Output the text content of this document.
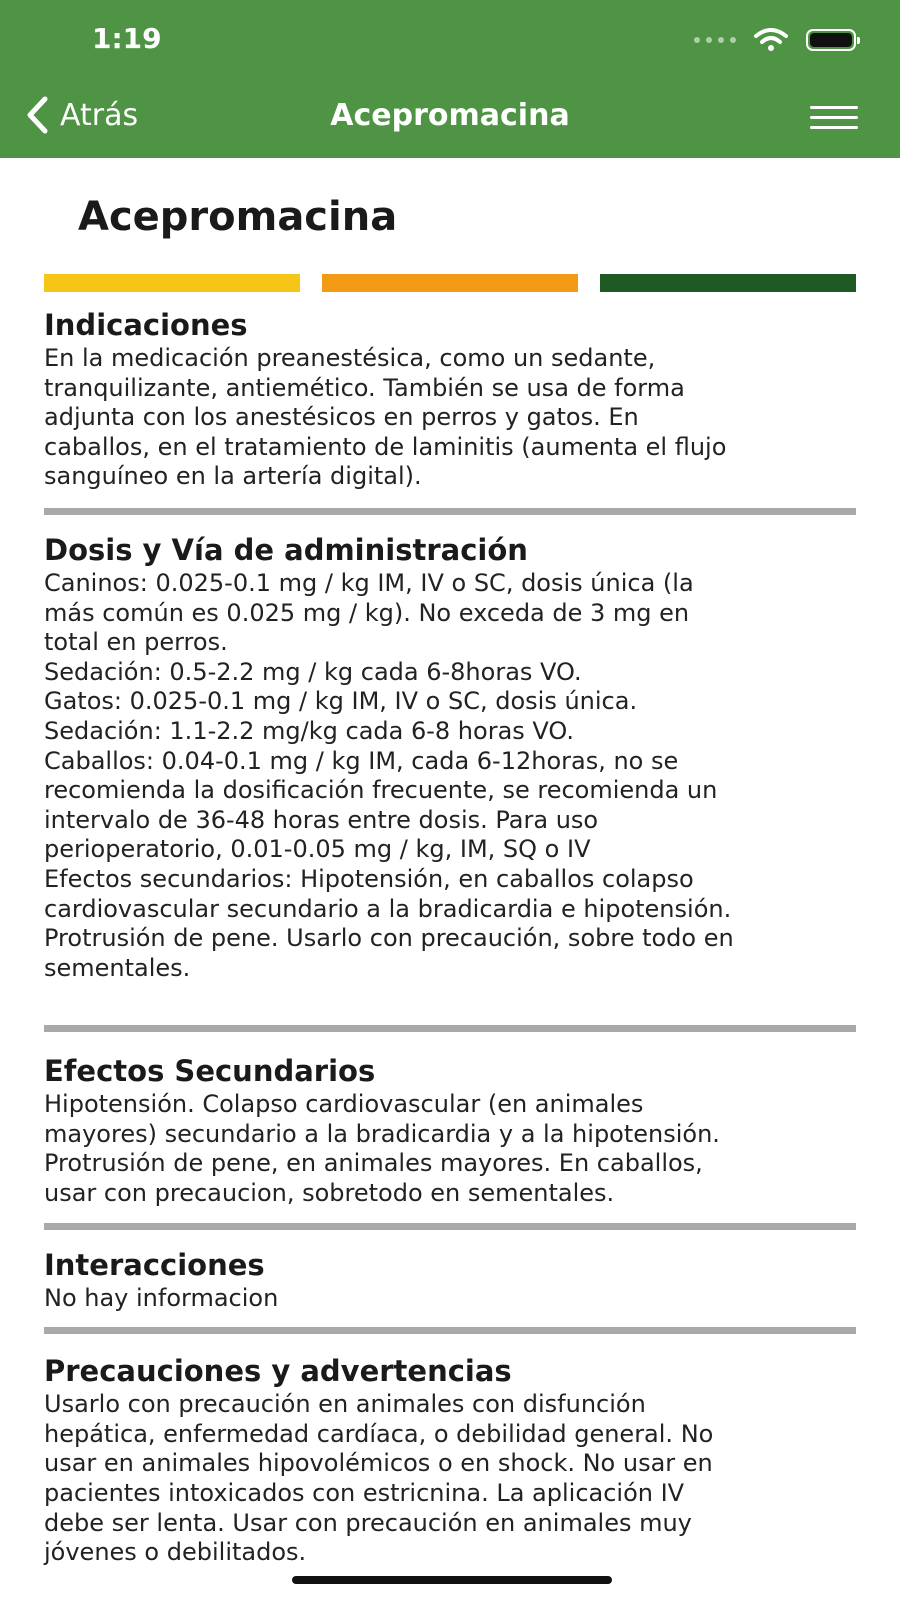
1:19
Atrás	Acepromacina
Acepromacina
Indicaciones

En la medicación preanestésica, como un sedante,
tranquilizante, antiemético. También se usa de forma
adjunta con los anestésicos en perros y gatos. En
caballos, en el tratamiento de laminitis (aumenta el flujo
sanguíneo en la artería digital).

Dosis y Vía de administración

Caninos: 0.025-0.1 mg / kg IM, IV o SC, dosis única (la
más común es 0.025 mg / kg). No exceda de 3 mg en
total en perros.
Sedación: 0.5-2.2 mg / kg cada 6-8horas VO.
Gatos: 0.025-0.1 mg / kg IM, IV o SC, dosis única.
Sedación: 1.1-2.2 mg/kg cada 6-8 horas VO.
Caballos: 0.04-0.1 mg / kg IM, cada 6-12horas, no se
recomienda la dosificación frecuente, se recomienda un
intervalo de 36-48 horas entre dosis. Para uso
perioperatorio, 0.01-0.05 mg / kg, IM, SQ o IV
Efectos secundarios: Hipotensión, en caballos colapso
cardiovascular secundario a la bradicardia e hipotensión.
Protrusión de pene. Usarlo con precaución, sobre todo en
sementales.

Efectos Secundarios

Hipotensión. Colapso cardiovascular (en animales
mayores) secundario a la bradicardia y a la hipotensión.
Protrusión de pene, en animales mayores. En caballos,
usar con precaucion, sobretodo en sementales.

Interacciones

No hay informacion

Precauciones y advertencias

Usarlo con precaución en animales con disfunción
hepática, enfermedad cardíaca, o debilidad general. No
usar en animales hipovolémicos o en shock. No usar en
pacientes intoxicados con estricnina. La aplicación IV
debe ser lenta. Usar con precaución en animales muy
jóvenes o debilitados.
